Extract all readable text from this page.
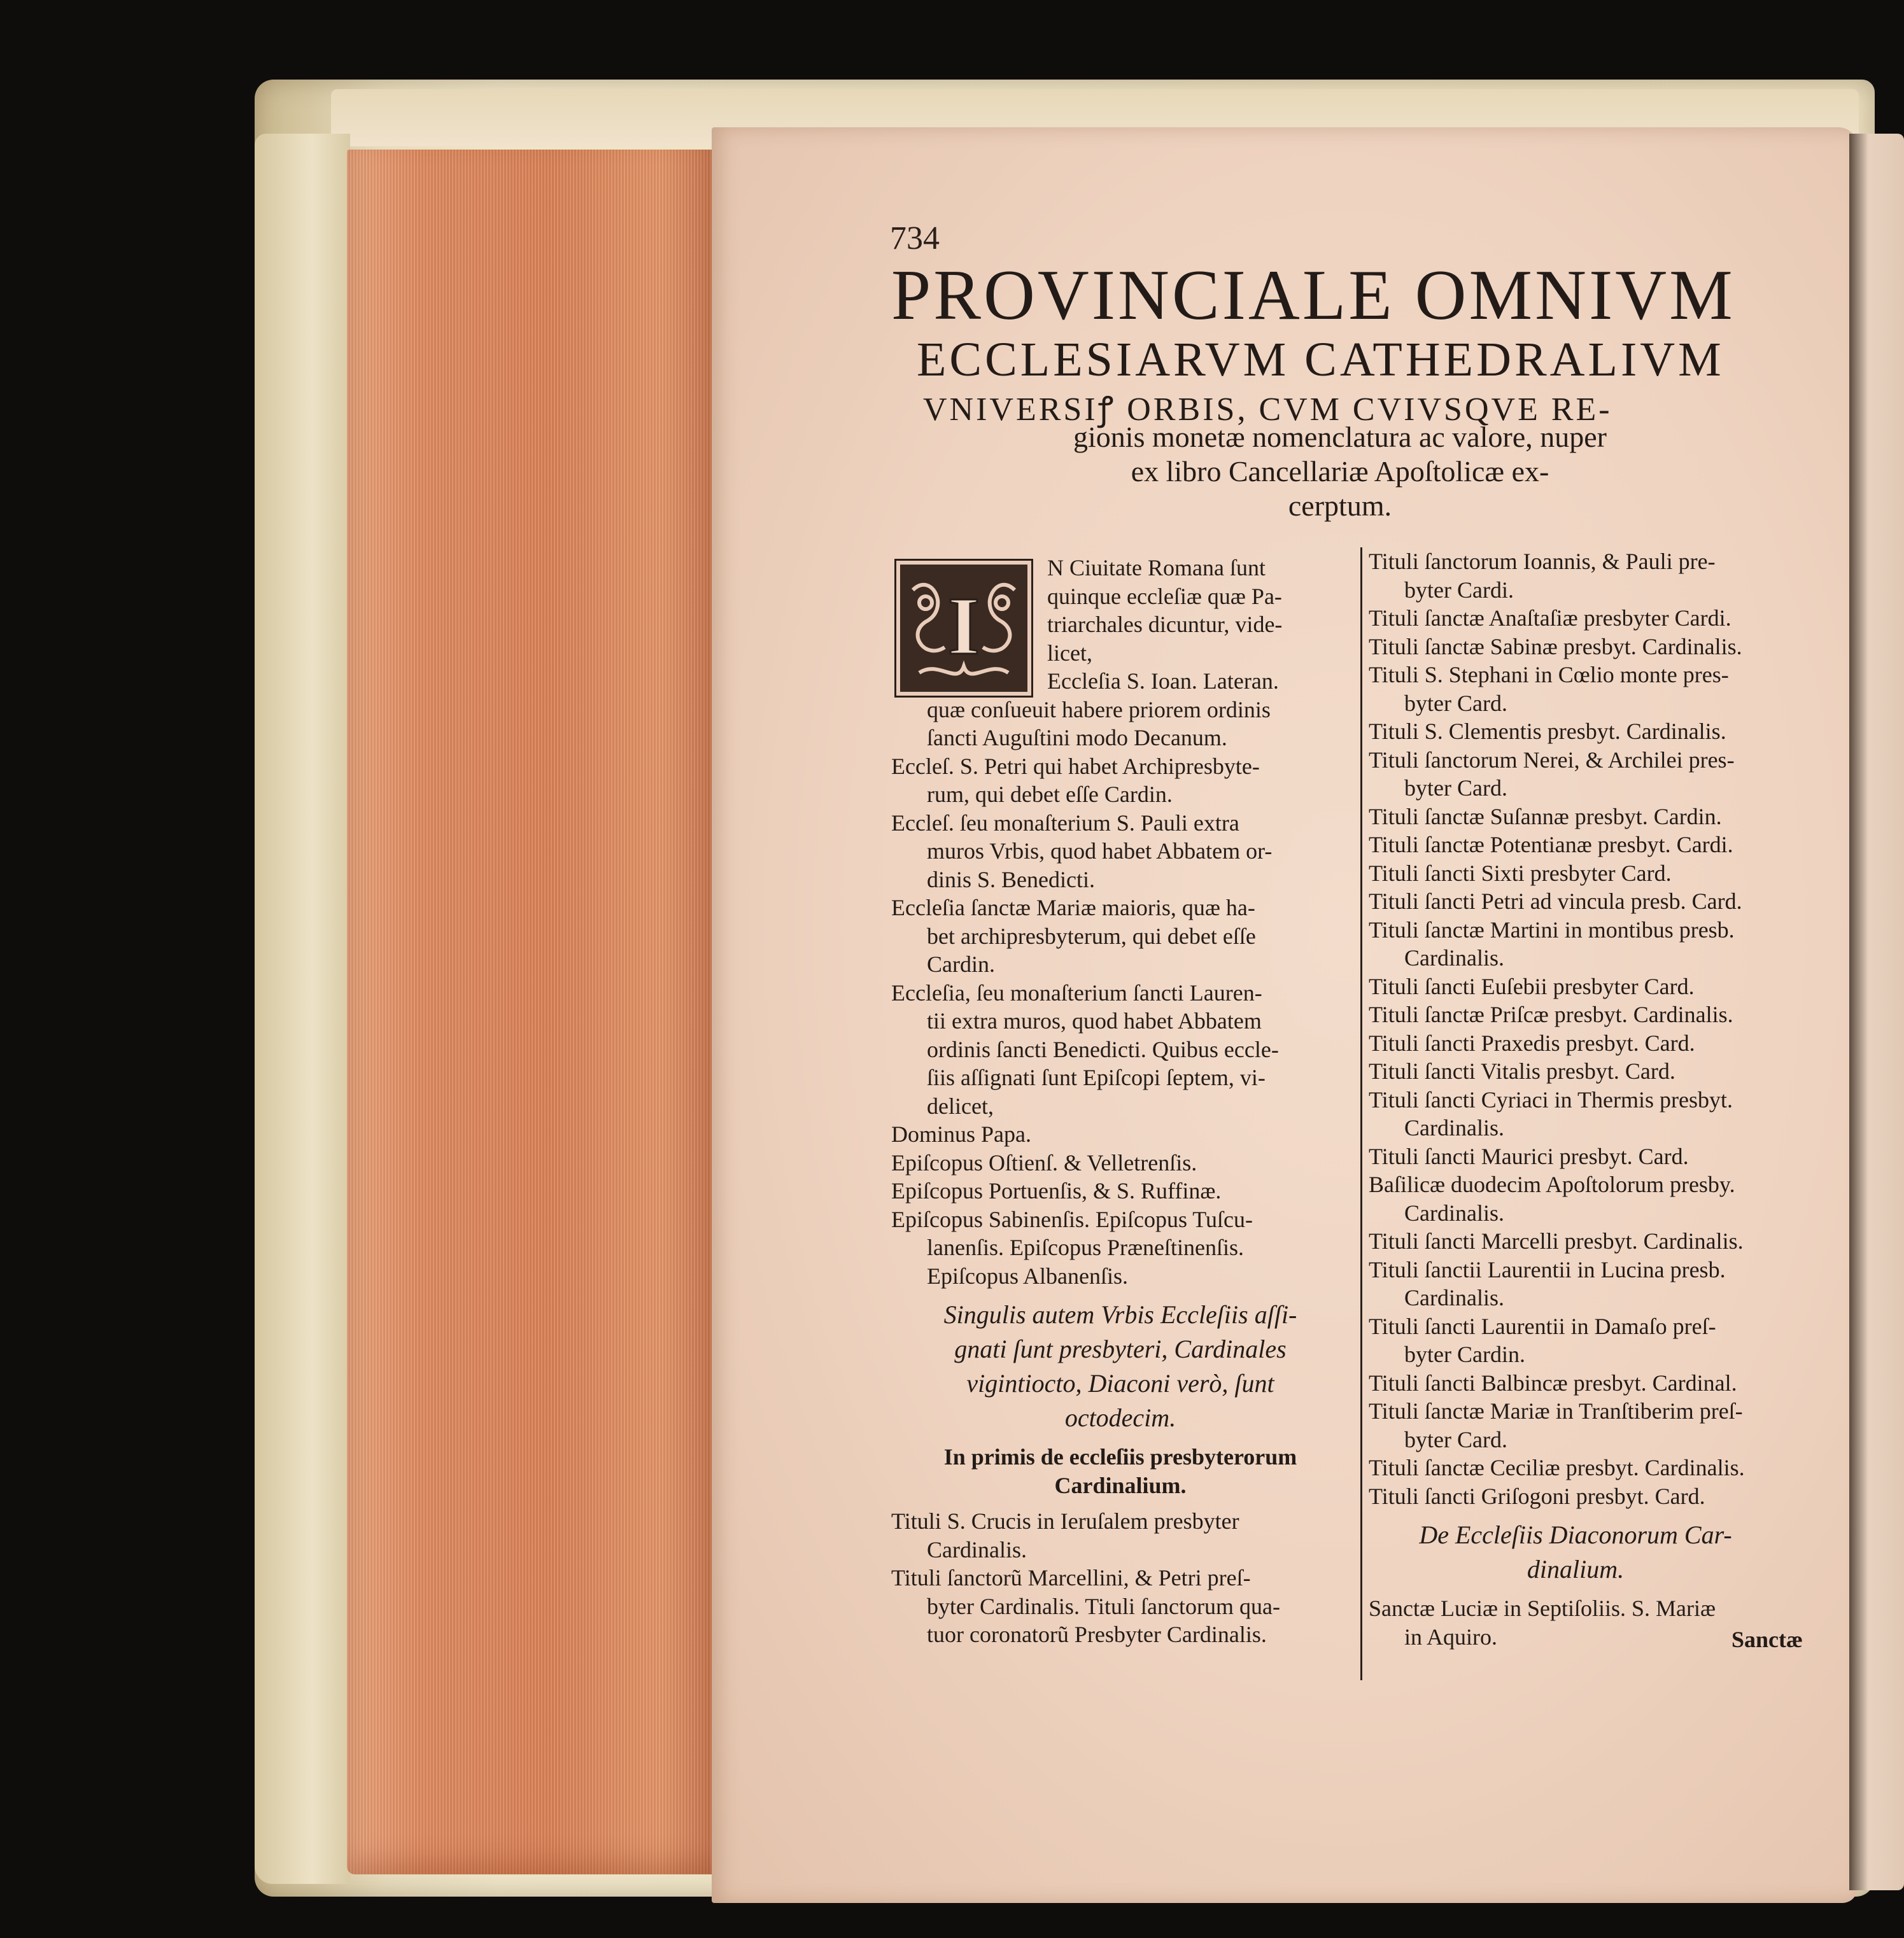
734
PROVINCIALE OMNIVM
ECCLESIARVM CATHEDRALIVM
VNIVERSIꝭ ORBIS, CVM CVIVSQVE RE-
gionis monetæ nomenclatura ac valore, nuper
ex libro Cancellariæ Apoſtolicæ ex-
cerptum.
I

N Ciuitate Romana ſunt

quinque eccleſiæ quæ Pa-

triarchales dicuntur, vide-

licet,

Eccleſia S. Ioan. Lateran.

quæ conſueuit habere priorem ordinis

ſancti Auguſtini modo Decanum.

Eccleſ. S. Petri qui habet Archipresbyte-

rum, qui debet eſſe Cardin.

Eccleſ. ſeu monaſterium S. Pauli extra

muros Vrbis, quod habet Abbatem or-

dinis S. Benedicti.

Eccleſia ſanctæ Mariæ maioris, quæ ha-

bet archipresbyterum, qui debet eſſe

Cardin.

Eccleſia, ſeu monaſterium ſancti Lauren-

tii extra muros, quod habet Abbatem

ordinis ſancti Benedicti. Quibus eccle-

ſiis aſſignati ſunt Epiſcopi ſeptem, vi-

delicet,

Dominus Papa.

Epiſcopus Oſtienſ. & Velletrenſis.

Epiſcopus Portuenſis, & S. Ruffinæ.

Epiſcopus Sabinenſis. Epiſcopus Tuſcu-

lanenſis. Epiſcopus Præneſtinenſis.

Epiſcopus Albanenſis.

Singulis autem Vrbis Eccleſiis aſſi-

gnati ſunt presbyteri, Cardinales

vigintiocto, Diaconi verò, ſunt

octodecim.

In primis de eccleſiis presbyterorum

Cardinalium.

Tituli S. Crucis in Ieruſalem presbyter

Cardinalis.

Tituli ſanctorũ Marcellini, & Petri preſ-

byter Cardinalis. Tituli ſanctorum qua-

tuor coronatorũ Presbyter Cardinalis.

Tituli ſanctorum Ioannis, & Pauli pre-

byter Cardi.

Tituli ſanctæ Anaſtaſiæ presbyter Cardi.

Tituli ſanctæ Sabinæ presbyt. Cardinalis.

Tituli S. Stephani in Cœlio monte pres-

byter Card.

Tituli S. Clementis presbyt. Cardinalis.

Tituli ſanctorum Nerei, & Archilei pres-

byter Card.

Tituli ſanctæ Suſannæ presbyt. Cardin.

Tituli ſanctæ Potentianæ presbyt. Cardi.

Tituli ſancti Sixti presbyter Card.

Tituli ſancti Petri ad vincula presb. Card.

Tituli ſanctæ Martini in montibus presb.

Cardinalis.

Tituli ſancti Euſebii presbyter Card.

Tituli ſanctæ Priſcæ presbyt. Cardinalis.

Tituli ſancti Praxedis presbyt. Card.

Tituli ſancti Vitalis presbyt. Card.

Tituli ſancti Cyriaci in Thermis presbyt.

Cardinalis.

Tituli ſancti Maurici presbyt. Card.

Baſilicæ duodecim Apoſtolorum presby.

Cardinalis.

Tituli ſancti Marcelli presbyt. Cardinalis.

Tituli ſanctii Laurentii in Lucina presb.

Cardinalis.

Tituli ſancti Laurentii in Damaſo preſ-

byter Cardin.

Tituli ſancti Balbincæ presbyt. Cardinal.

Tituli ſanctæ Mariæ in Tranſtiberim preſ-

byter Card.

Tituli ſanctæ Ceciliæ presbyt. Cardinalis.

Tituli ſancti Griſogoni presbyt. Card.

De Eccleſiis Diaconorum Car-

dinalium.

Sanctæ Luciæ in Septiſoliis. S. Mariæ

in Aquiro.	Sanctæ
